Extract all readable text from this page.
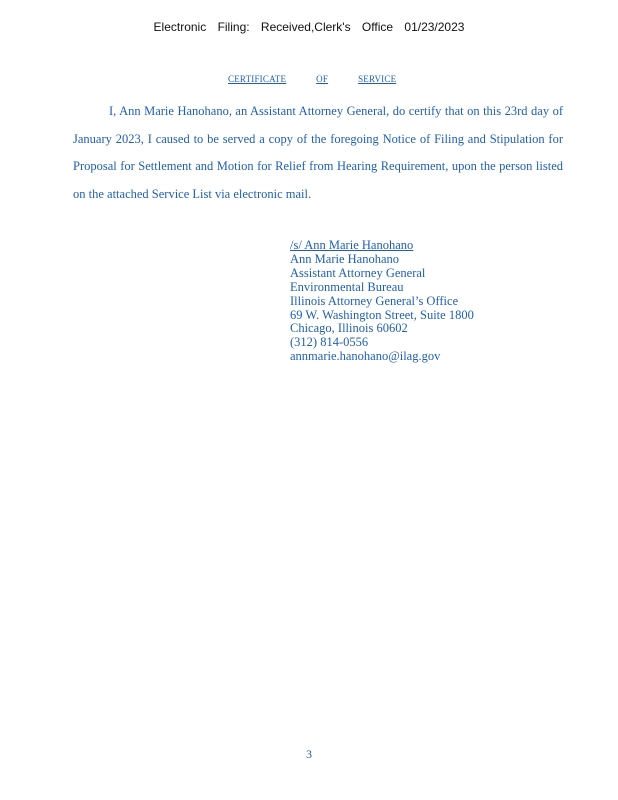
Electronic Filing: Received,Clerk's Office 01/23/2023
CERTIFICATE	OF	SERVICE

I, Ann Marie Hanohano, an Assistant Attorney General, do certify that on this 23rd day of January 2023, I caused to be served a copy of the foregoing Notice of Filing and Stipulation for Proposal for Settlement and Motion for Relief from Hearing Requirement, upon the person listed on the attached Service List via electronic mail.

/s/ Ann Marie Hanohano
Ann Marie Hanohano
Assistant Attorney General
Environmental Bureau
Illinois Attorney General’s Office
69 W. Washington Street, Suite 1800
Chicago, Illinois 60602
(312) 814-0556
annmarie.hanohano@ilag.gov
3
